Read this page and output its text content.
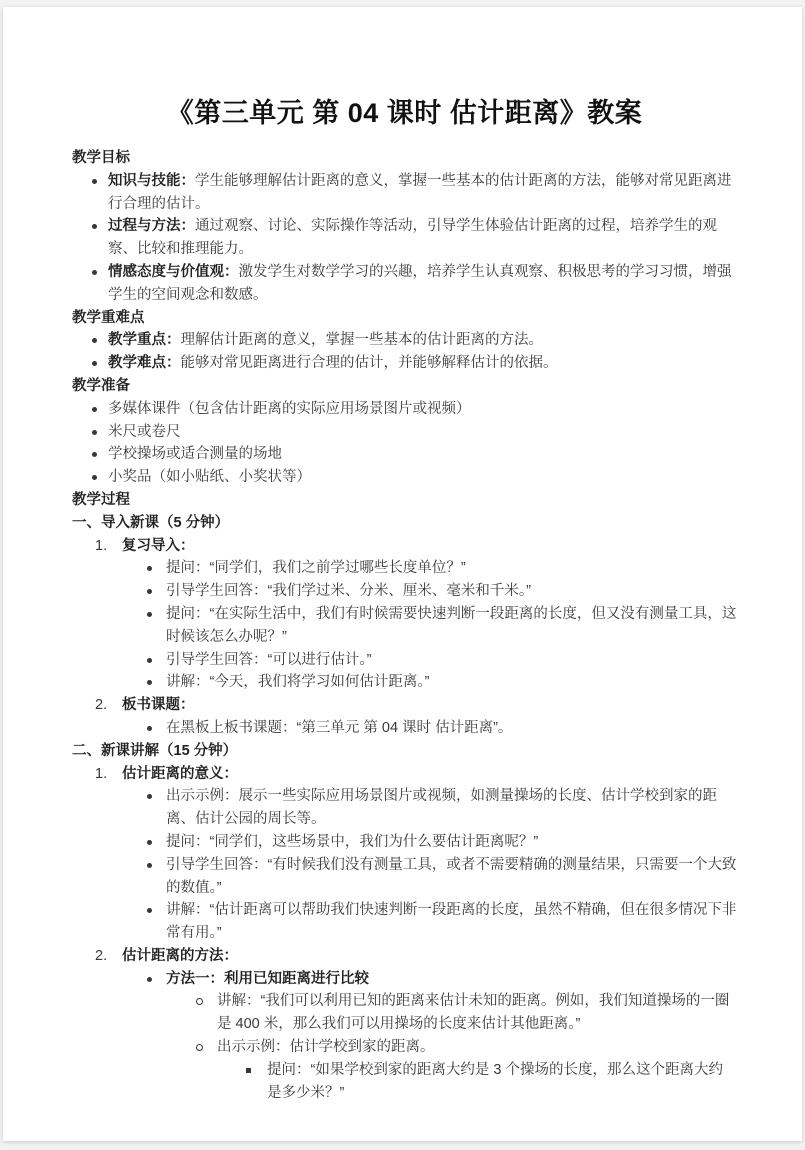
《第三单元 第 04 课时 估计距离》教案
教学目标
知识与技能：学生能够理解估计距离的意义，掌握一些基本的估计距离的方法，能够对常见距离进行合理的估计。
过程与方法：通过观察、讨论、实际操作等活动，引导学生体验估计距离的过程，培养学生的观察、比较和推理能力。
情感态度与价值观：激发学生对数学学习的兴趣，培养学生认真观察、积极思考的学习习惯，增强学生的空间观念和数感。
教学重难点
教学重点：理解估计距离的意义，掌握一些基本的估计距离的方法。
教学难点：能够对常见距离进行合理的估计，并能够解释估计的依据。
教学准备
多媒体课件（包含估计距离的实际应用场景图片或视频）
米尺或卷尺
学校操场或适合测量的场地
小奖品（如小贴纸、小奖状等）
教学过程
一、导入新课（5 分钟）
1. 复习导入：
提问：“同学们，我们之前学过哪些长度单位？”
引导学生回答：“我们学过米、分米、厘米、毫米和千米。”
提问：“在实际生活中，我们有时候需要快速判断一段距离的长度，但又没有测量工具，这时候该怎么办呢？”
引导学生回答：“可以进行估计。”
讲解：“今天，我们将学习如何估计距离。”
2. 板书课题：
在黑板上板书课题：“第三单元 第 04 课时 估计距离”。
二、新课讲解（15 分钟）
1. 估计距离的意义：
出示示例：展示一些实际应用场景图片或视频，如测量操场的长度、估计学校到家的距离、估计公园的周长等。
提问：“同学们，这些场景中，我们为什么要估计距离呢？”
引导学生回答：“有时候我们没有测量工具，或者不需要精确的测量结果，只需要一个大致的数值。”
讲解：“估计距离可以帮助我们快速判断一段距离的长度，虽然不精确，但在很多情况下非常有用。”
2. 估计距离的方法：
方法一：利用已知距离进行比较
讲解：“我们可以利用已知的距离来估计未知的距离。例如，我们知道操场的一圈是 400 米，那么我们可以用操场的长度来估计其他距离。”
出示示例：估计学校到家的距离。
提问：“如果学校到家的距离大约是 3 个操场的长度，那么这个距离大约是多少米？”
